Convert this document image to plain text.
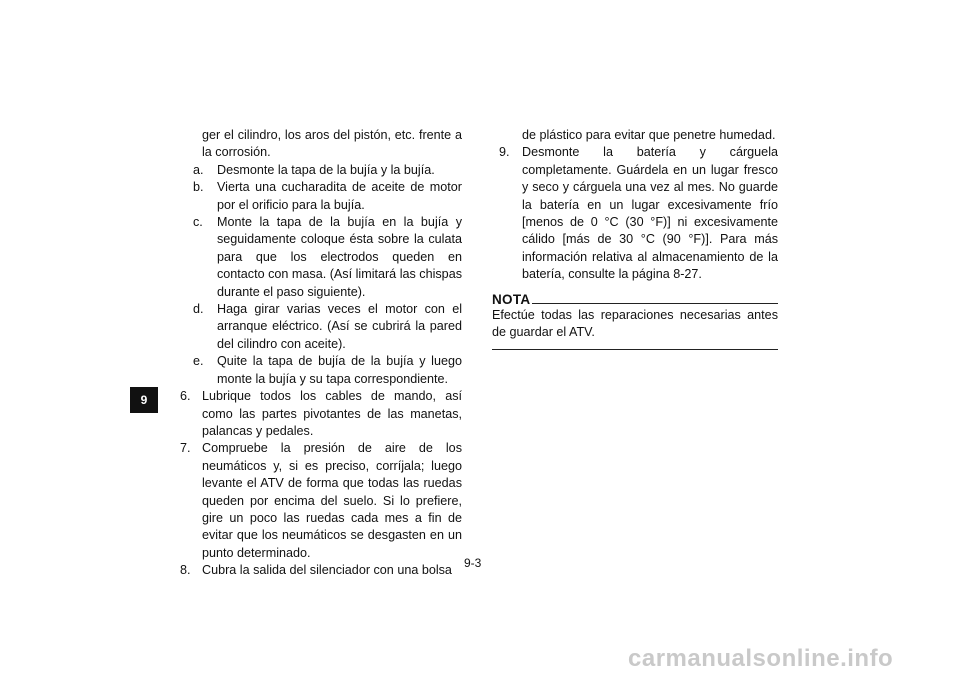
9
ger el cilindro, los aros del pistón, etc. frente a la corrosión.
a.	Desmonte la tapa de la bujía y la bujía.
b.	Vierta una cucharadita de aceite de motor por el orificio para la bujía.
c.	Monte la tapa de la bujía en la bujía y seguidamente coloque ésta sobre la culata para que los electrodos queden en contacto con masa. (Así limitará las chispas durante el paso siguiente).
d.	Haga girar varias veces el motor con el arranque eléctrico. (Así se cubrirá la pared del cilindro con aceite).
e.	Quite la tapa de bujía de la bujía y luego monte la bujía y su tapa correspondiente.
6. Lubrique todos los cables de mando, así como las partes pivotantes de las manetas, palancas y pedales.
7. Compruebe la presión de aire de los neumáticos y, si es preciso, corríjala; luego levante el ATV de forma que todas las ruedas queden por encima del suelo. Si lo prefiere, gire un poco las ruedas cada mes a fin de evitar que los neumáticos se desgasten en un punto determinado.
8. Cubra la salida del silenciador con una bolsa
de plástico para evitar que penetre humedad.
9. Desmonte la batería y cárguela completamente. Guárdela en un lugar fresco y seco y cárguela una vez al mes. No guarde la batería en un lugar excesivamente frío [menos de 0 °C (30 °F)] ni excesivamente cálido [más de 30 °C (90 °F)]. Para más información relativa al almacenamiento de la batería, consulte la página 8-27.
NOTA
Efectúe todas las reparaciones necesarias antes de guardar el ATV.
9-3
carmanualsonline.info
